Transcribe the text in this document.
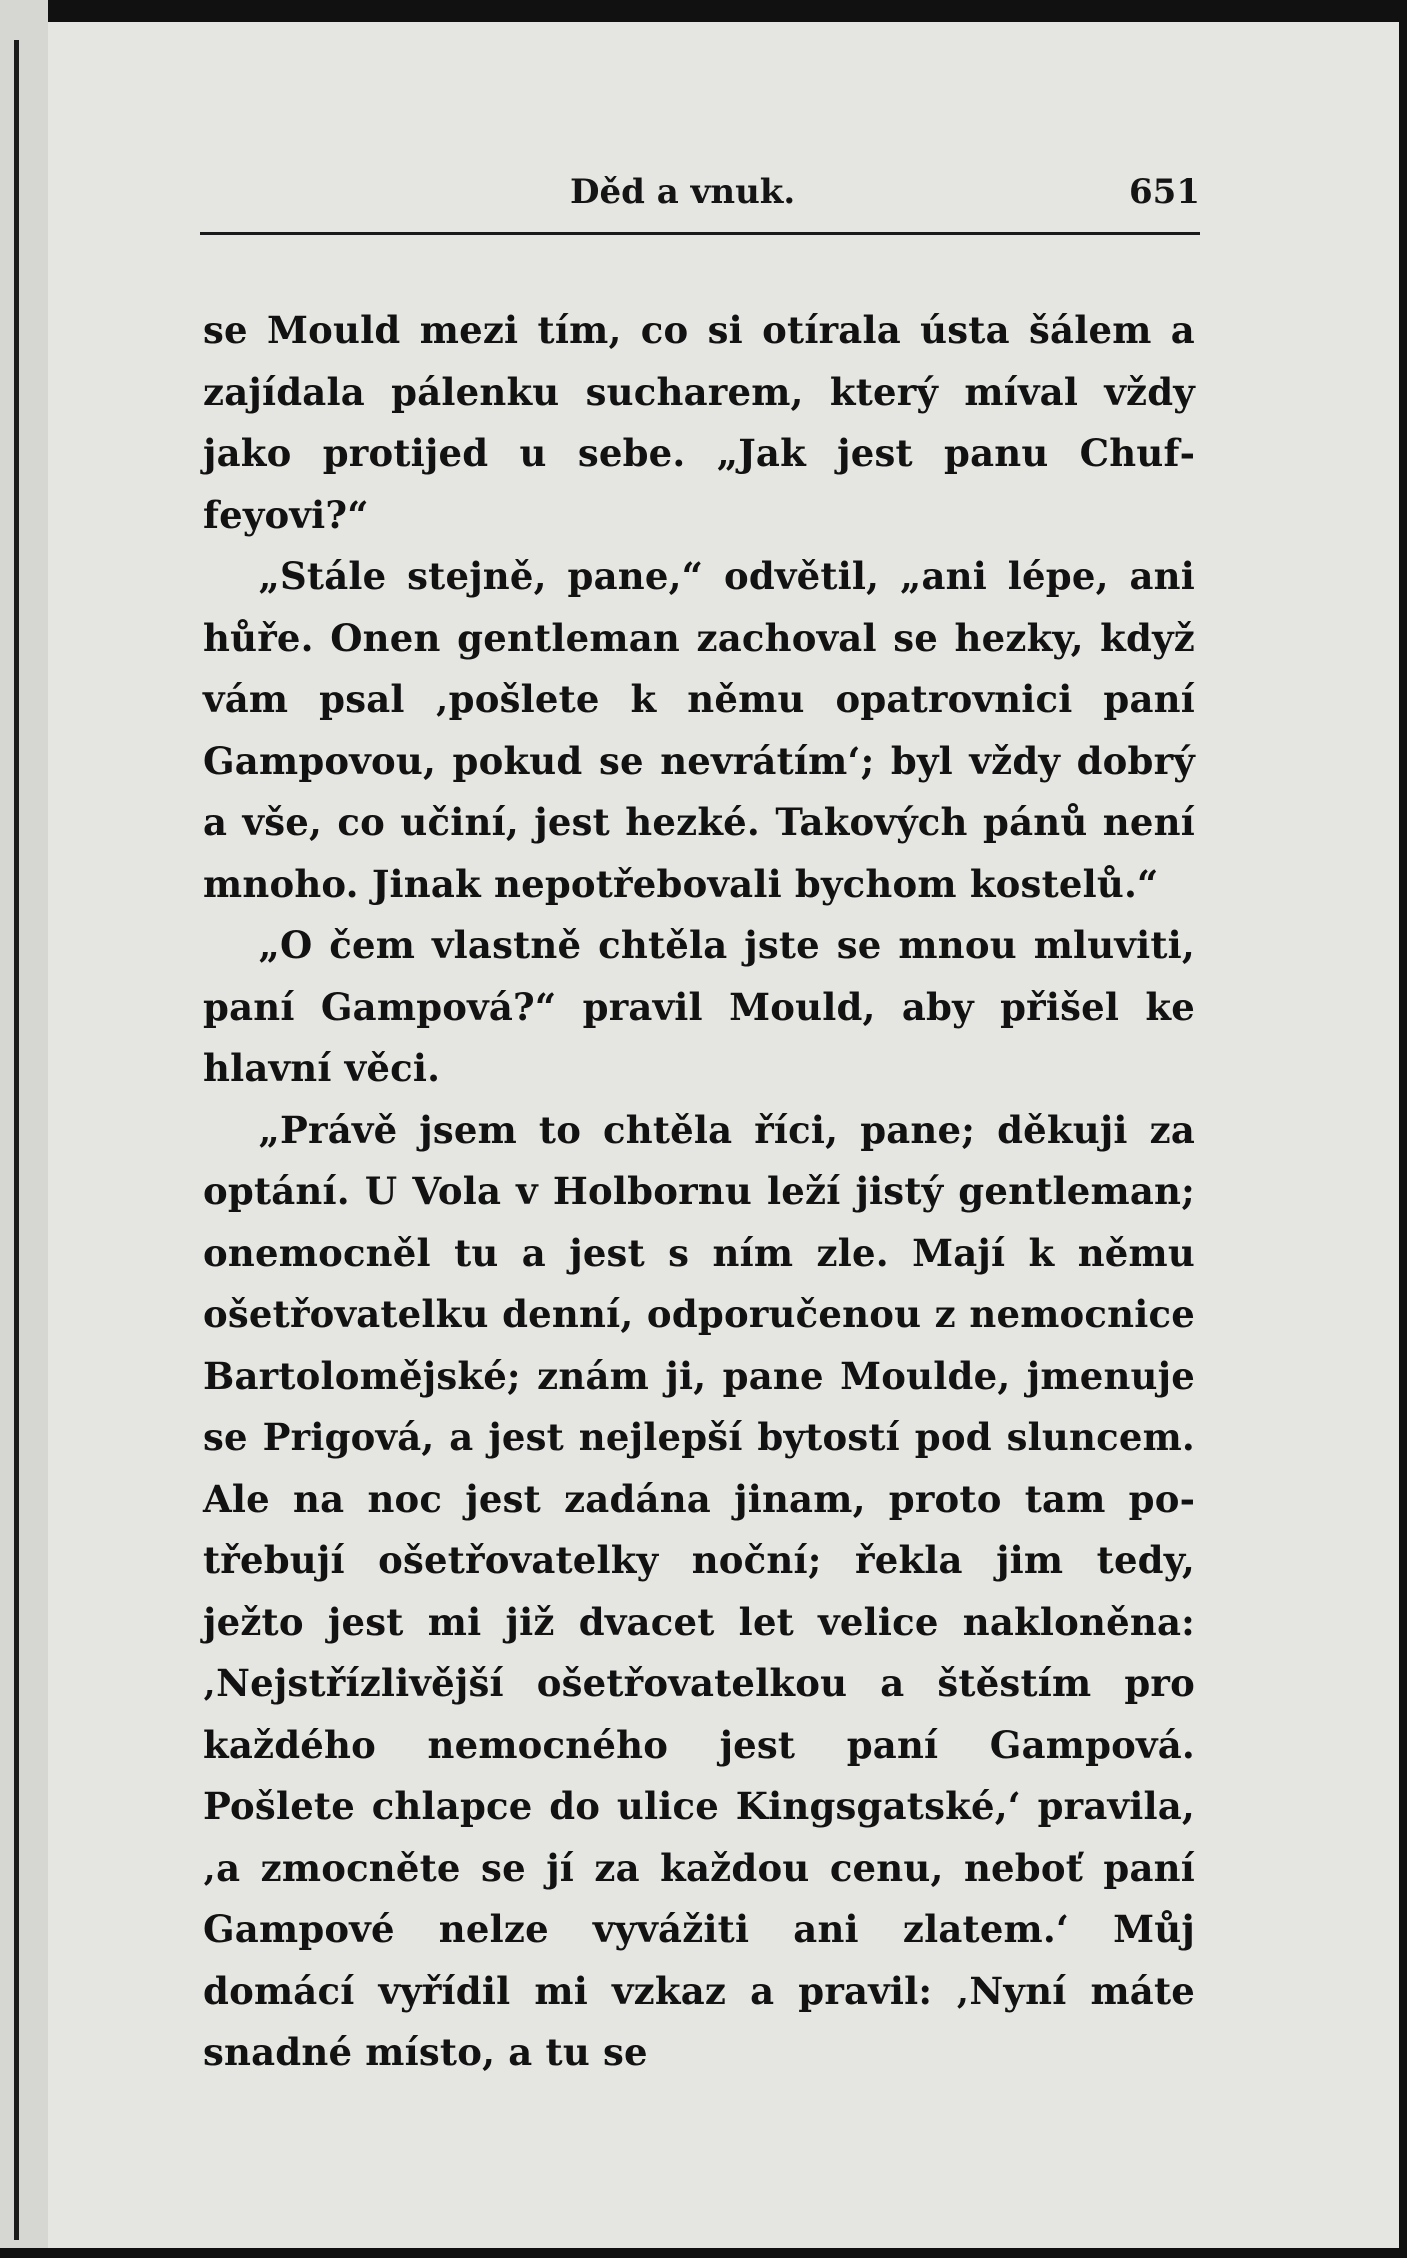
Děd a vnuk.	651

se Mould mezi tím, co si otírala ústa šálem a zajídala pálenku sucharem, který míval vždy jako protijed u sebe. „Jak jest panu Chuffeyovi?“

„Stále stejně, pane,“ odvětil, „ani lépe, ani hůře. Onen gentleman zachoval se hezky, když vám psal ‚pošlete k němu opatrovnici paní Gampovou, pokud se nevrátím‘; byl vždy dobrý a vše, co učiní, jest hezké. Takových pánů není mnoho. Jinak nepotřebovali bychom kostelů.“

„O čem vlastně chtěla jste se mnou mluviti, paní Gampová?“ pravil Mould, aby přišel ke hlavní věci.

„Právě jsem to chtěla říci, pane; děkuji za optání. U Vola v Holbornu leží jistý gentleman; onemocněl tu a jest s ním zle. Mají k němu ošetřovatelku denní, odporučenou z nemocnice Bartolomějské; znám ji, pane Moulde, jmenuje se Prigová, a jest nejlepší bytostí pod sluncem. Ale na noc jest zadána jinam, proto tam potřebují ošetřovatelky noční; řekla jim tedy, ježto jest mi již dvacet let velice nakloněna: ‚Nejstřízlivější ošetřovatelkou a štěstím pro každého nemocného jest paní Gampová. Pošlete chlapce do ulice Kingsgatské,‘ pravila, ‚a zmocněte se jí za každou cenu, neboť paní Gampové nelze vyvážiti ani zlatem.‘ Můj domácí vyřídil mi vzkaz a pravil: ‚Nyní máte snadné místo, a tu se
